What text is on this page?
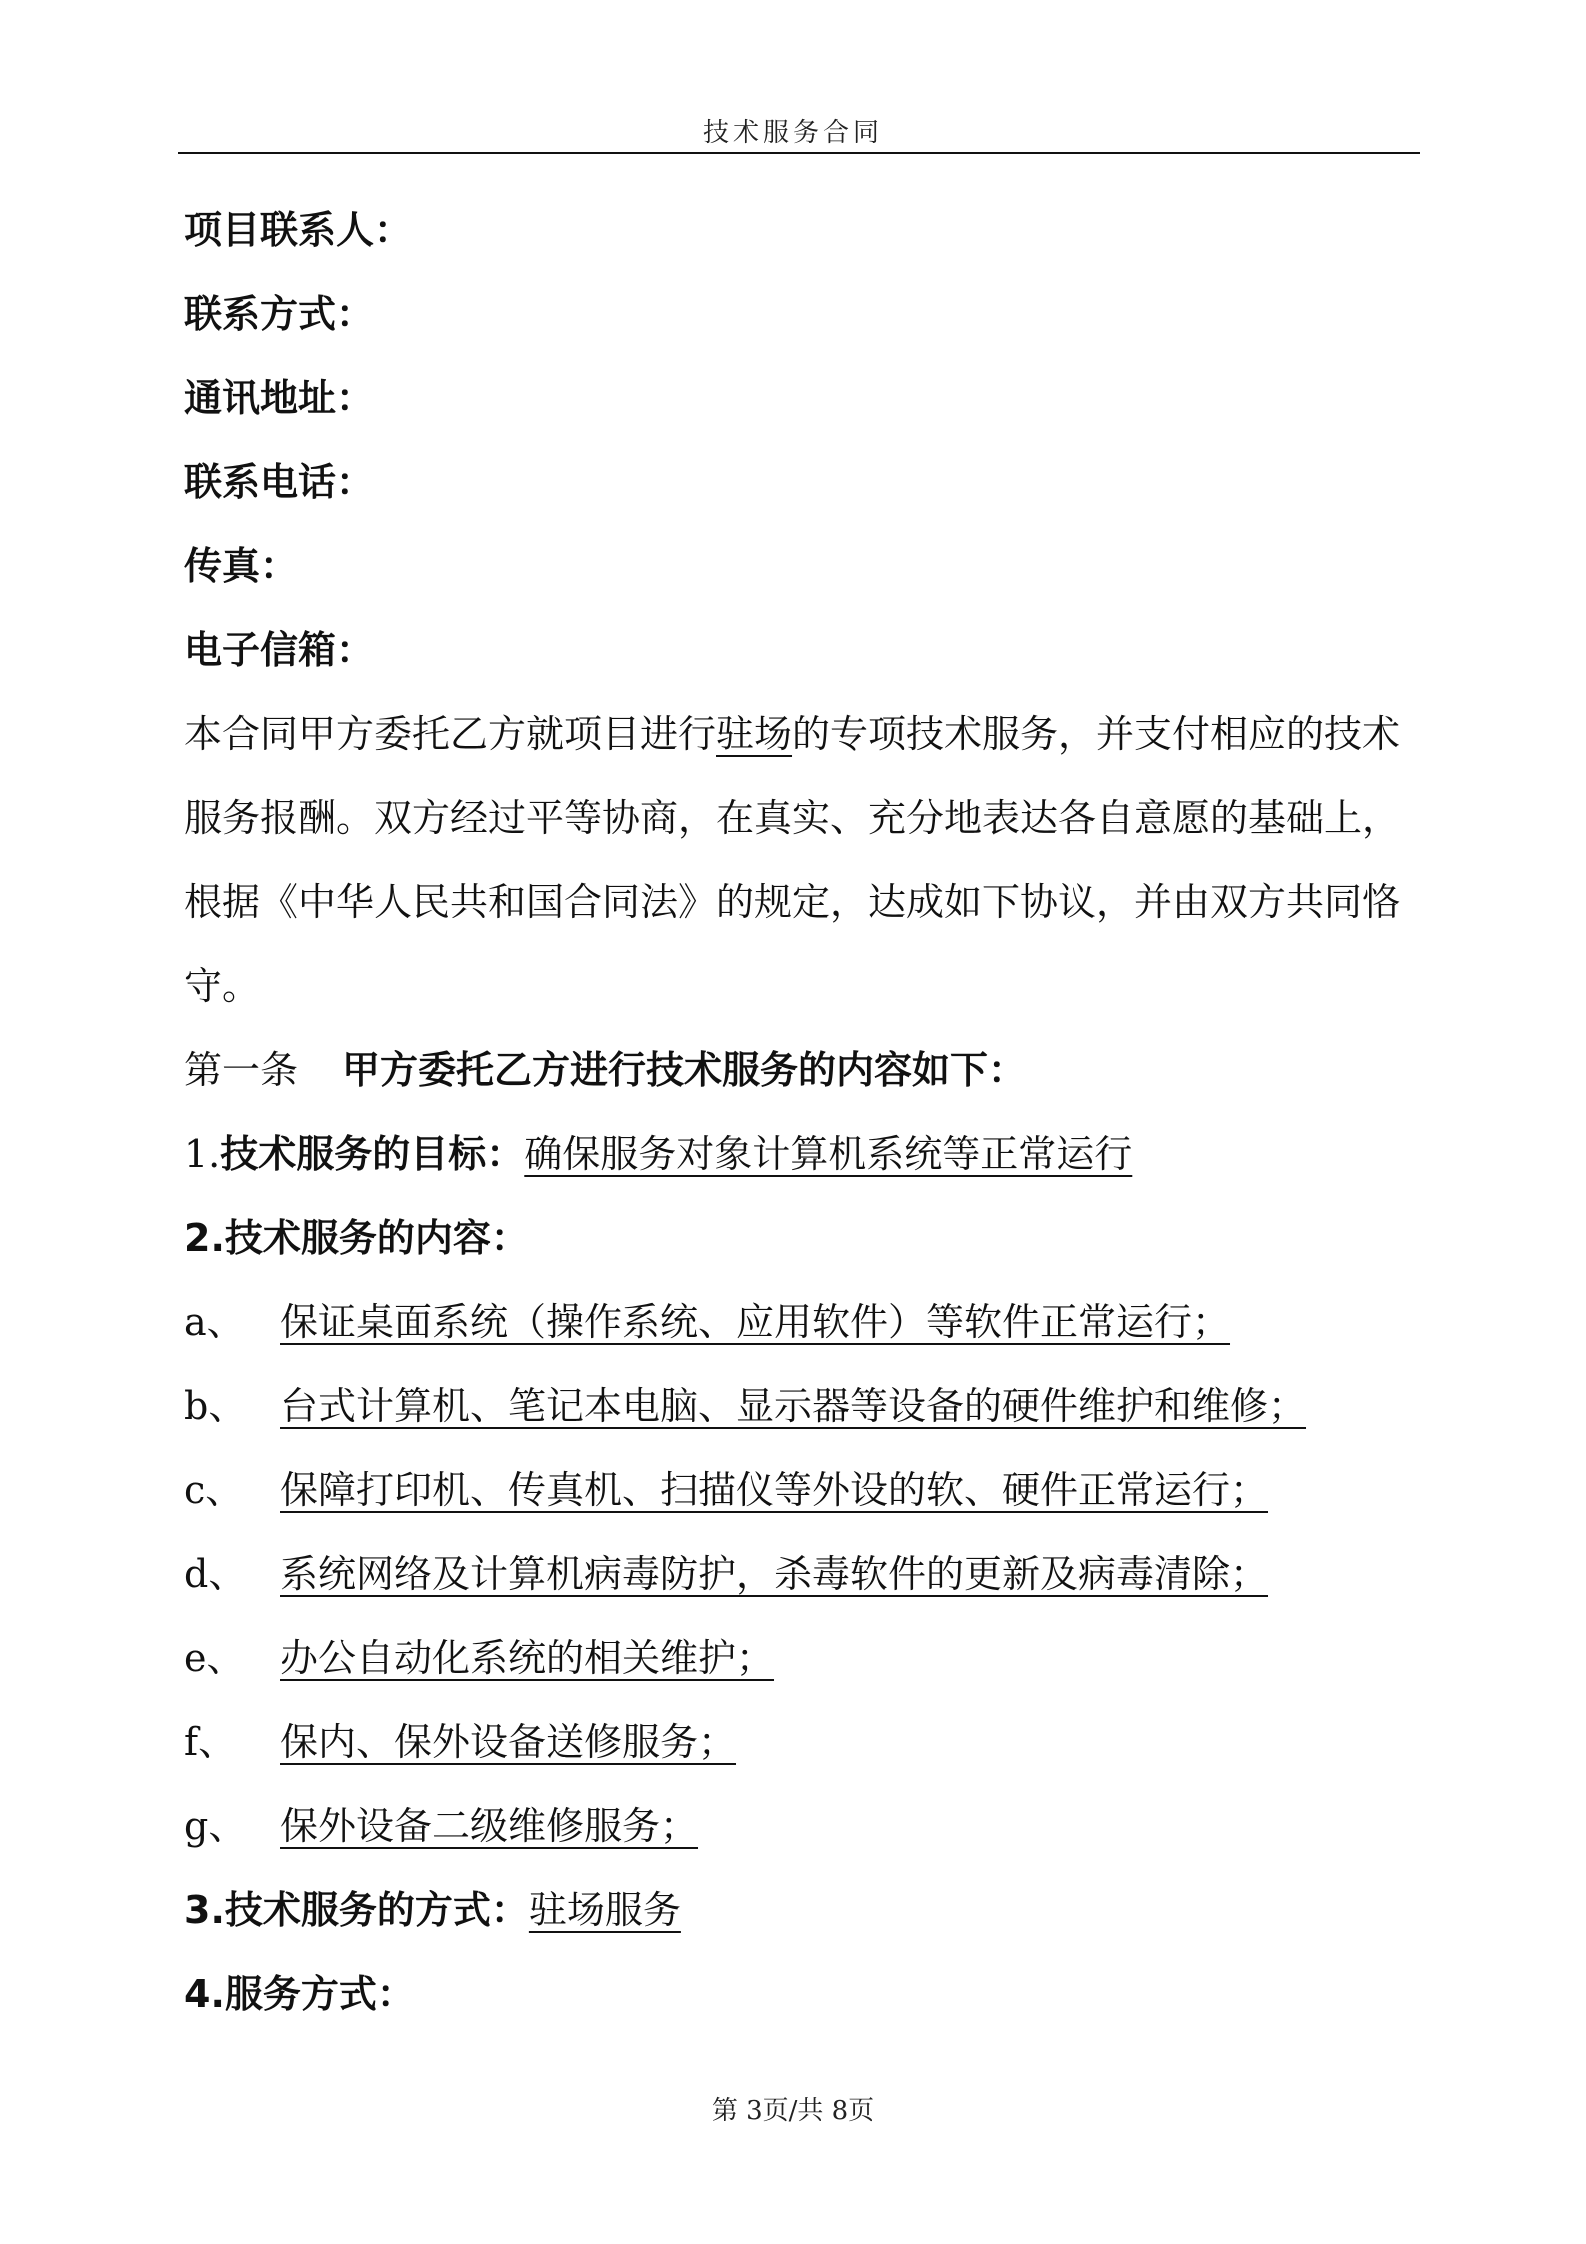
技术服务合同
项目联系人：
联系方式：
通讯地址：
联系电话：
传真：
电子信箱：
本合同甲方委托乙方就项目进行驻场的专项技术服务，并支付相应的技术服务报酬。双方经过平等协商，在真实、充分地表达各自意愿的基础上，根据《中华人民共和国合同法》的规定，达成如下协议，并由双方共同恪守。
第一条 甲方委托乙方进行技术服务的内容如下：
1.技术服务的目标：确保服务对象计算机系统等正常运行
2.技术服务的内容：
a、 保证桌面系统（操作系统、应用软件）等软件正常运行；
b、 台式计算机、笔记本电脑、显示器等设备的硬件维护和维修；
c、 保障打印机、传真机、扫描仪等外设的软、硬件正常运行；
d、 系统网络及计算机病毒防护，杀毒软件的更新及病毒清除；
e、 办公自动化系统的相关维护；
f、 保内、保外设备送修服务；
g、 保外设备二级维修服务；
3.技术服务的方式：驻场服务
4.服务方式：
第 3页/共 8页
